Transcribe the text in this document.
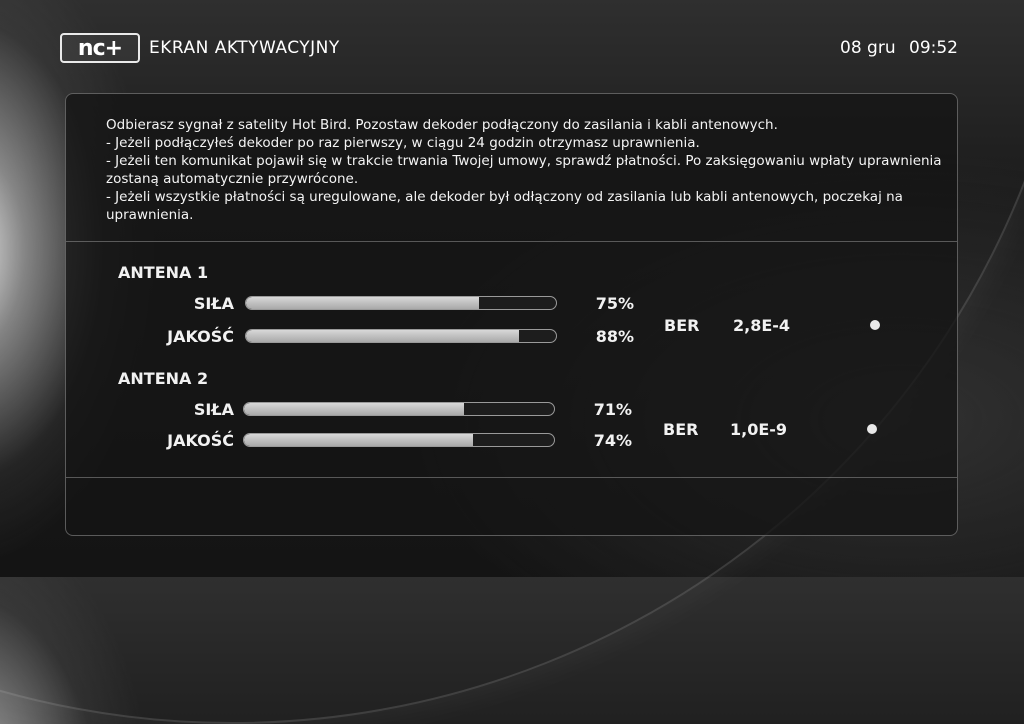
nc+	EKRAN AKTYWACYJNY	08 gru 09:52
Odbierasz sygnał z satelity Hot Bird. Pozostaw dekoder podłączony do zasilania i kabli antenowych.
- Jeżeli podłączyłeś dekoder po raz pierwszy, w ciągu 24 godzin otrzymasz uprawnienia.
- Jeżeli ten komunikat pojawił się w trakcie trwania Twojej umowy, sprawdź płatności. Po zaksięgowaniu wpłaty uprawnienia zostaną automatycznie przywrócone.
- Jeżeli wszystkie płatności są uregulowane, ale dekoder był odłączony od zasilania lub kabli antenowych, poczekaj na uprawnienia.
ANTENA 1
SIŁA	75%
JAKOŚĆ	88%
BER 2,8E-4
ANTENA 2
SIŁA	71%
JAKOŚĆ	74%
BER 1,0E-9
